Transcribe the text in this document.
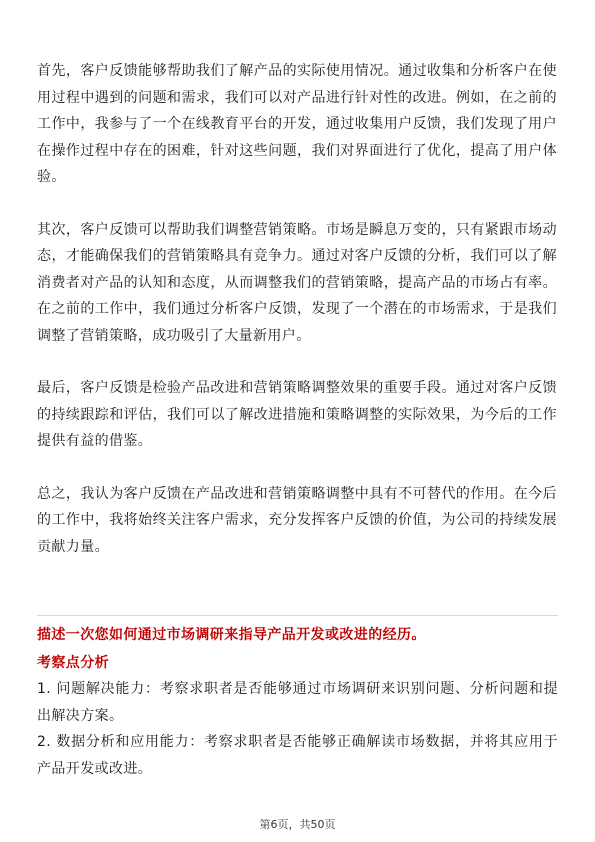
首先，客户反馈能够帮助我们了解产品的实际使用情况。通过收集和分析客户在使用过程中遇到的问题和需求，我们可以对产品进行针对性的改进。例如，在之前的工作中，我参与了一个在线教育平台的开发，通过收集用户反馈，我们发现了用户在操作过程中存在的困难，针对这些问题，我们对界面进行了优化，提高了用户体验。

其次，客户反馈可以帮助我们调整营销策略。市场是瞬息万变的，只有紧跟市场动态，才能确保我们的营销策略具有竞争力。通过对客户反馈的分析，我们可以了解消费者对产品的认知和态度，从而调整我们的营销策略，提高产品的市场占有率。在之前的工作中，我们通过分析客户反馈，发现了一个潜在的市场需求，于是我们调整了营销策略，成功吸引了大量新用户。

最后，客户反馈是检验产品改进和营销策略调整效果的重要手段。通过对客户反馈的持续跟踪和评估，我们可以了解改进措施和策略调整的实际效果，为今后的工作提供有益的借鉴。

总之，我认为客户反馈在产品改进和营销策略调整中具有不可替代的作用。在今后的工作中，我将始终关注客户需求，充分发挥客户反馈的价值，为公司的持续发展贡献力量。

描述一次您如何通过市场调研来指导产品开发或改进的经历。

考察点分析

1. 问题解决能力：考察求职者是否能够通过市场调研来识别问题、分析问题和提出解决方案。

2. 数据分析和应用能力：考察求职者是否能够正确解读市场数据，并将其应用于产品开发或改进。

第6页，共50页
